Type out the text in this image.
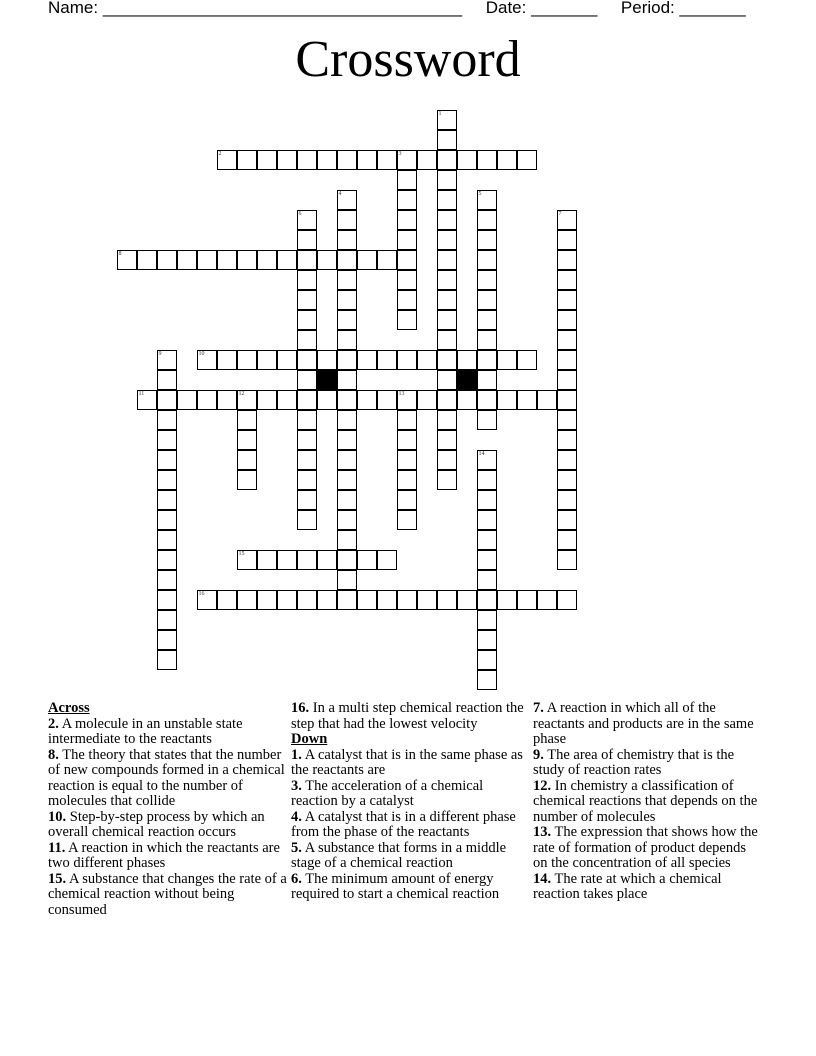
Name: ______________________________________ Date: _______ Period: _______
Crossword
1
2	3
4	5
6	7
8
9	10
11	12	13
14
15
16
Across
2. A molecule in an unstable state intermediate to the reactants
8. The theory that states that the number of new compounds formed in a chemical reaction is equal to the number of molecules that collide
10. Step-by-step process by which an overall chemical reaction occurs
11. A reaction in which the reactants are two different phases
15. A substance that changes the rate of a chemical reaction without being consumed
16. In a multi step chemical reaction the step that had the lowest velocity
Down
1. A catalyst that is in the same phase as the reactants are
3. The acceleration of a chemical reaction by a catalyst
4. A catalyst that is in a different phase from the phase of the reactants
5. A substance that forms in a middle stage of a chemical reaction
6. The minimum amount of energy required to start a chemical reaction
7. A reaction in which all of the reactants and products are in the same phase
9. The area of chemistry that is the study of reaction rates
12. In chemistry a classification of chemical reactions that depends on the number of molecules
13. The expression that shows how the rate of formation of product depends on the concentration of all species
14. The rate at which a chemical reaction takes place
